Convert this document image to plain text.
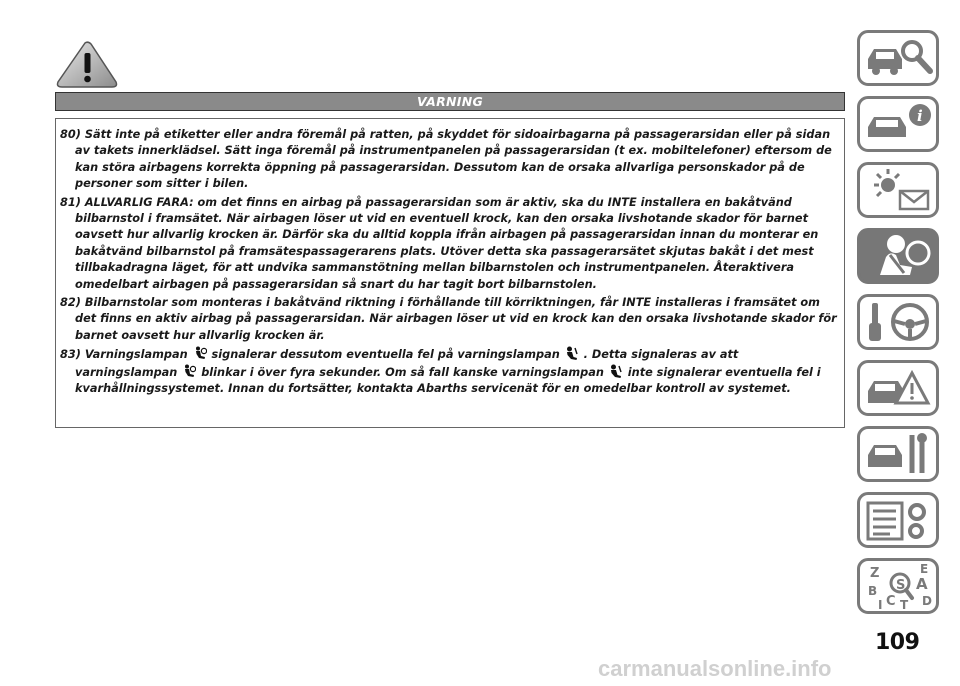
VARNING

80) Sätt inte på etiketter eller andra föremål på ratten, på skyddet för sidoairbagarna på passagerarsidan eller på sidan av takets innerklädsel. Sätt inga föremål på instrumentpanelen på passagerarsidan (t ex. mobiltelefoner) eftersom de kan störa airbagens korrekta öppning på passagerarsidan. Dessutom kan de orsaka allvarliga personskador på de personer som sitter i bilen.

81) ALLVARLIG FARA: om det finns en airbag på passagerarsidan som är aktiv, ska du INTE installera en bakåtvänd bilbarnstol i framsätet. När airbagen löser ut vid en eventuell krock, kan den orsaka livshotande skador för barnet oavsett hur allvarlig krocken är. Därför ska du alltid koppla ifrån airbagen på passagerarsidan innan du monterar en bakåtvänd bilbarnstol på framsätespassagerarens plats. Utöver detta ska passagerarsätet skjutas bakåt i det mest tillbakadragna läget, för att undvika sammanstötning mellan bilbarnstolen och instrumentpanelen. Återaktivera omedelbart airbagen på passagerarsidan så snart du har tagit bort bilbarnstolen.

82) Bilbarnstolar som monteras i bakåtvänd riktning i förhållande till körriktningen, får INTE installeras i framsätet om det finns en aktiv airbag på passagerarsidan. När airbagen löser ut vid en krock kan den orsaka livshotande skador för barnet oavsett hur allvarlig krocken är.

83) Varningslampan  signalerar dessutom eventuella fel på varningslampan  . Detta signaleras av att varningslampan  blinkar i över fyra sekunder. Om så fall kanske varningslampan  inte signalerar eventuella fel i kvarhållningssystemet. Innan du fortsätter, kontakta Abarths servicenät för en omedelbar kontroll av systemet.

i
Z	E
A
B
C D
T
I
S
109
carmanualsonline.info
